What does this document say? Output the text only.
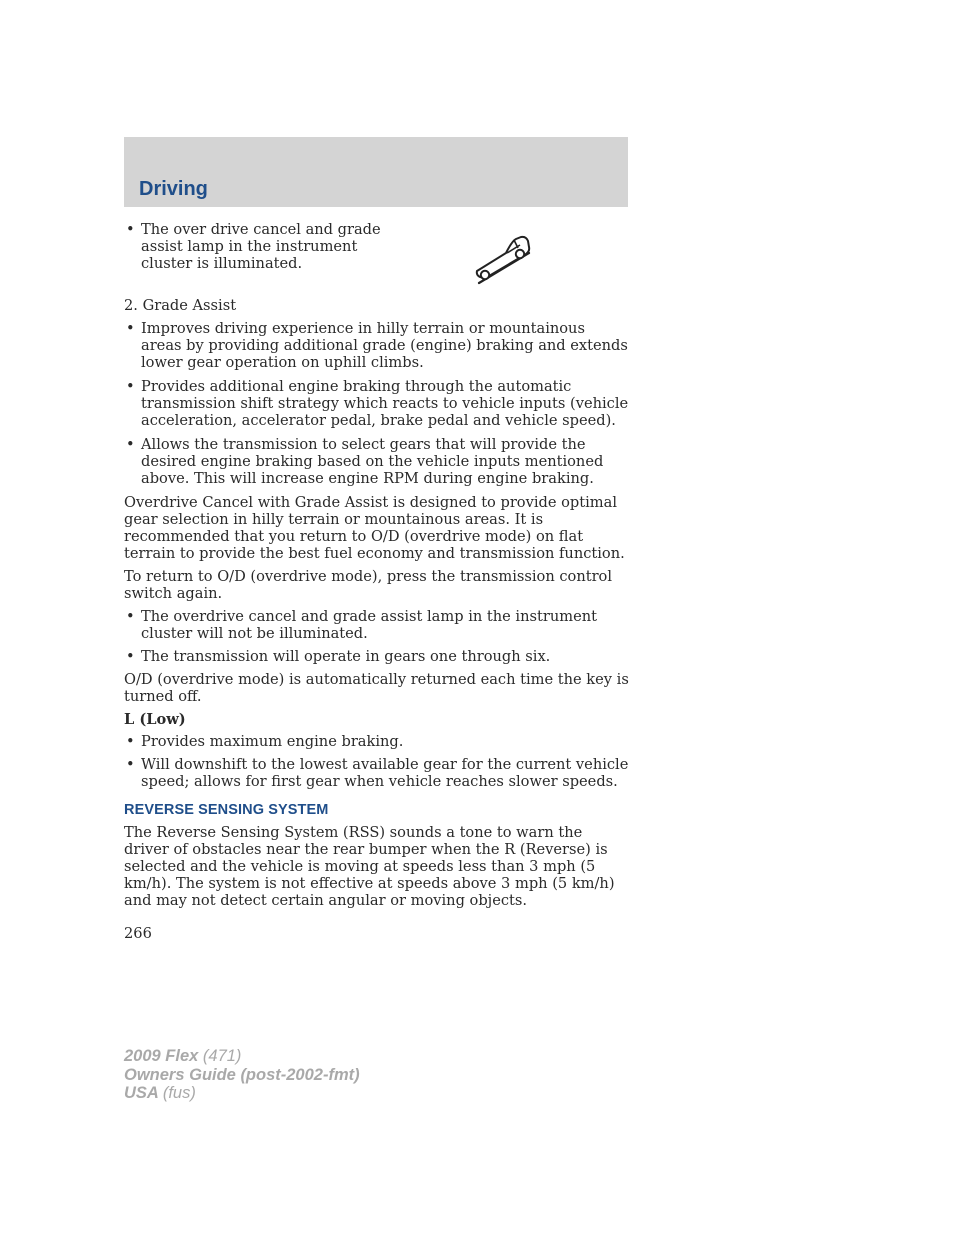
Driving
• The over drive cancel and grade assist lamp in the instrument cluster is illuminated.

2. Grade Assist

• Improves driving experience in hilly terrain or mountainous areas by providing additional grade (engine) braking and extends lower gear operation on uphill climbs.
• Provides additional engine braking through the automatic transmission shift strategy which reacts to vehicle inputs (vehicle acceleration, accelerator pedal, brake pedal and vehicle speed).
• Allows the transmission to select gears that will provide the desired engine braking based on the vehicle inputs mentioned above. This will increase engine RPM during engine braking.

Overdrive Cancel with Grade Assist is designed to provide optimal gear selection in hilly terrain or mountainous areas. It is recommended that you return to O/D (overdrive mode) on flat terrain to provide the best fuel economy and transmission function.

To return to O/D (overdrive mode), press the transmission control switch again.

• The overdrive cancel and grade assist lamp in the instrument cluster will not be illuminated.
• The transmission will operate in gears one through six.

O/D (overdrive mode) is automatically returned each time the key is turned off.

L (Low)

• Provides maximum engine braking.
• Will downshift to the lowest available gear for the current vehicle speed; allows for first gear when vehicle reaches slower speeds.
REVERSE SENSING SYSTEM

The Reverse Sensing System (RSS) sounds a tone to warn the driver of obstacles near the rear bumper when the R (Reverse) is selected and the vehicle is moving at speeds less than 3 mph (5 km/h). The system is not effective at speeds above 3 mph (5 km/h) and may not detect certain angular or moving objects.

266
2009 Flex (471)
Owners Guide (post-2002-fmt)
USA (fus)
